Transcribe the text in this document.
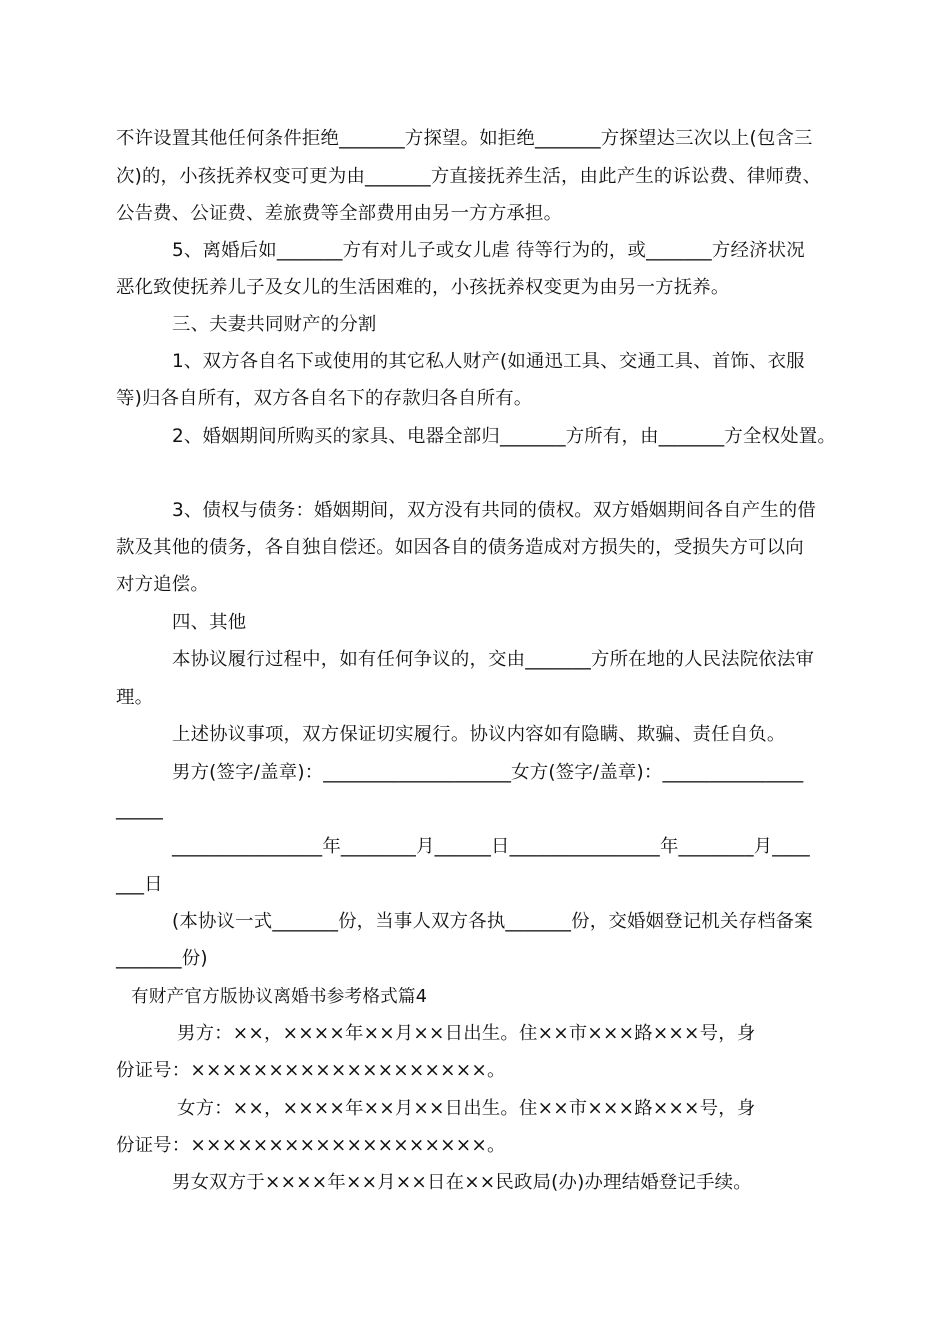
不许设置其他任何条件拒绝_______方探望。如拒绝_______方探望达三次以上(包含三
次)的，小孩抚养权变可更为由_______方直接抚养生活，由此产生的诉讼费、律师费、
公告费、公证费、差旅费等全部费用由另一方方承担。
5、离婚后如_______方有对儿子或女儿虐 待等行为的，或_______方经济状况
恶化致使抚养儿子及女儿的生活困难的，小孩抚养权变更为由另一方抚养。
三、夫妻共同财产的分割
1、双方各自名下或使用的其它私人财产(如通迅工具、交通工具、首饰、衣服
等)归各自所有，双方各自名下的存款归各自所有。
2、婚姻期间所购买的家具、电器全部归_______方所有，由_______方全权处置。
3、债权与债务：婚姻期间，双方没有共同的债权。双方婚姻期间各自产生的借
款及其他的债务，各自独自偿还。如因各自的债务造成对方损失的，受损失方可以向
对方追偿。
四、其他
本协议履行过程中，如有任何争议的，交由_______方所在地的人民法院依法审
理。
上述协议事项，双方保证切实履行。协议内容如有隐瞒、欺骗、责任自负。
男方(签字/盖章)：____________________女方(签字/盖章)：_______________
_____
________________年________月______日________________年________月____
___日
(本协议一式_______份，当事人双方各执_______份，交婚姻登记机关存档备案
_______份)
有财产官方版协议离婚书参考格式篇4
男方：××，××××年××月××日出生。住××市×××路×××号，身
份证号：×××××××××××××××××××。
女方：××，××××年××月××日出生。住××市×××路×××号，身
份证号：×××××××××××××××××××。
男女双方于××××年××月××日在××民政局(办)办理结婚登记手续。
